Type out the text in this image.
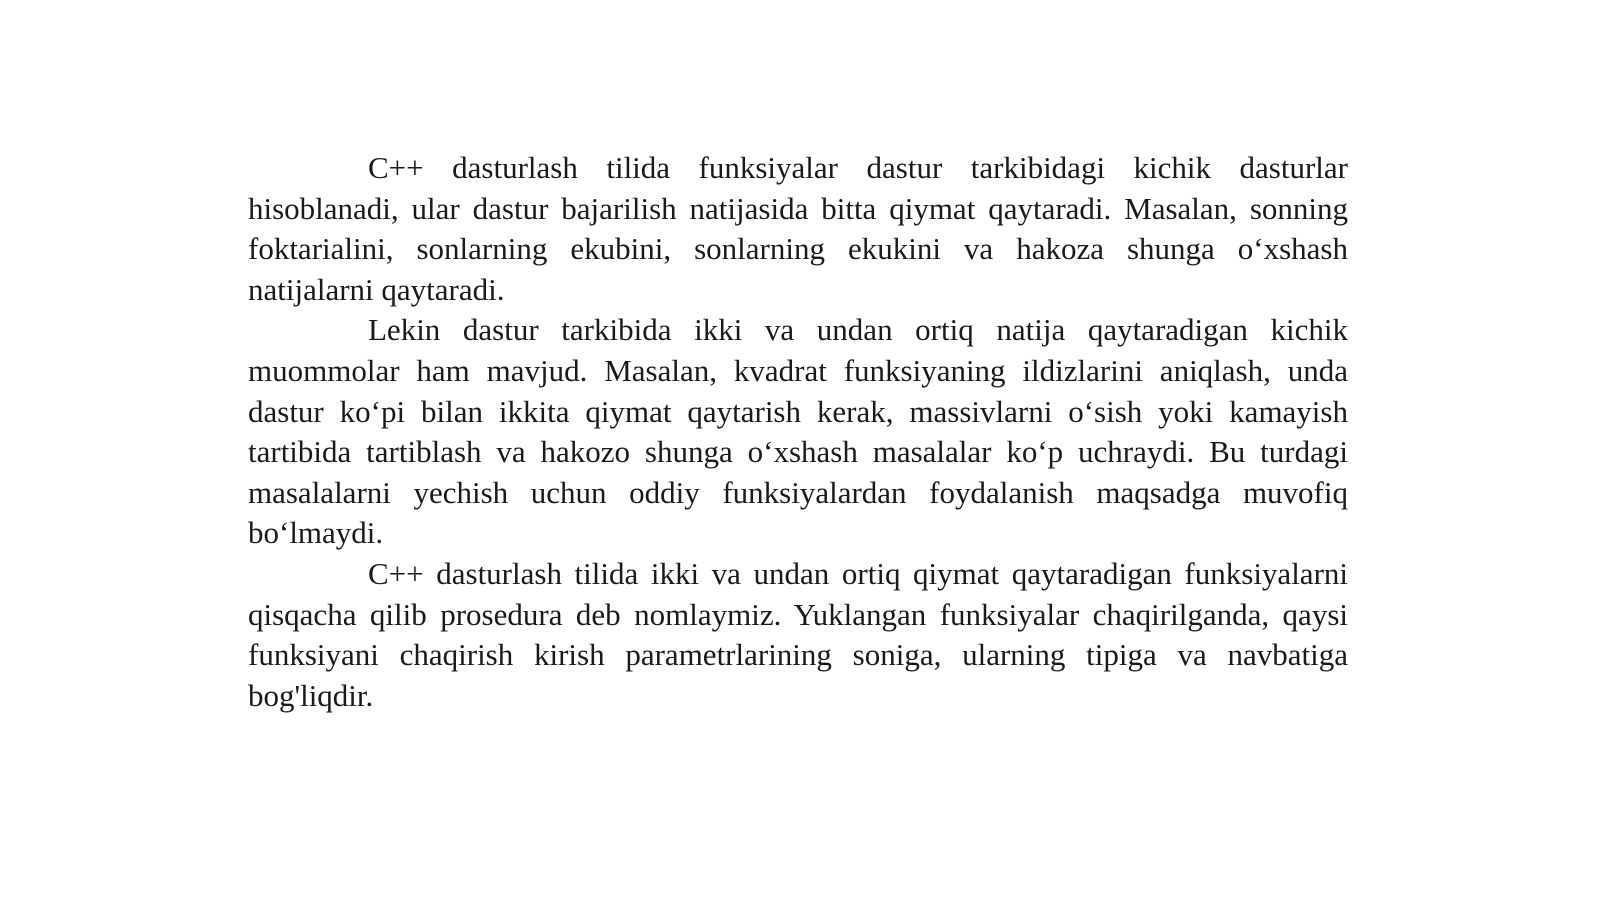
C++ dasturlash tilida funksiyalar dastur tarkibidagi kichik dasturlar hisoblanadi, ular dastur bajarilish natijasida bitta qiymat qaytaradi. Masalan, sonning foktarialini, sonlarning ekubini, sonlarning ekukini va hakoza shunga o‘xshash natijalarni qaytaradi.

Lekin dastur tarkibida ikki va undan ortiq natija qaytaradigan kichik muommolar ham mavjud. Masalan, kvadrat funksiyaning ildizlarini aniqlash, unda dastur ko‘pi bilan ikkita qiymat qaytarish kerak, massivlarni o‘sish yoki kamayish tartibida tartiblash va hakozo shunga o‘xshash masalalar ko‘p uchraydi. Bu turdagi masalalarni yechish uchun oddiy funksiyalardan foydalanish maqsadga muvofiq bo‘lmaydi.

C++ dasturlash tilida ikki va undan ortiq qiymat qaytaradigan funksiyalarni qisqacha qilib prosedura deb nomlaymiz. Yuklangan funksiyalar chaqirilganda, qaysi funksiyani chaqirish kirish parametrlarining soniga, ularning tipiga va navbatiga bog'liqdir.
